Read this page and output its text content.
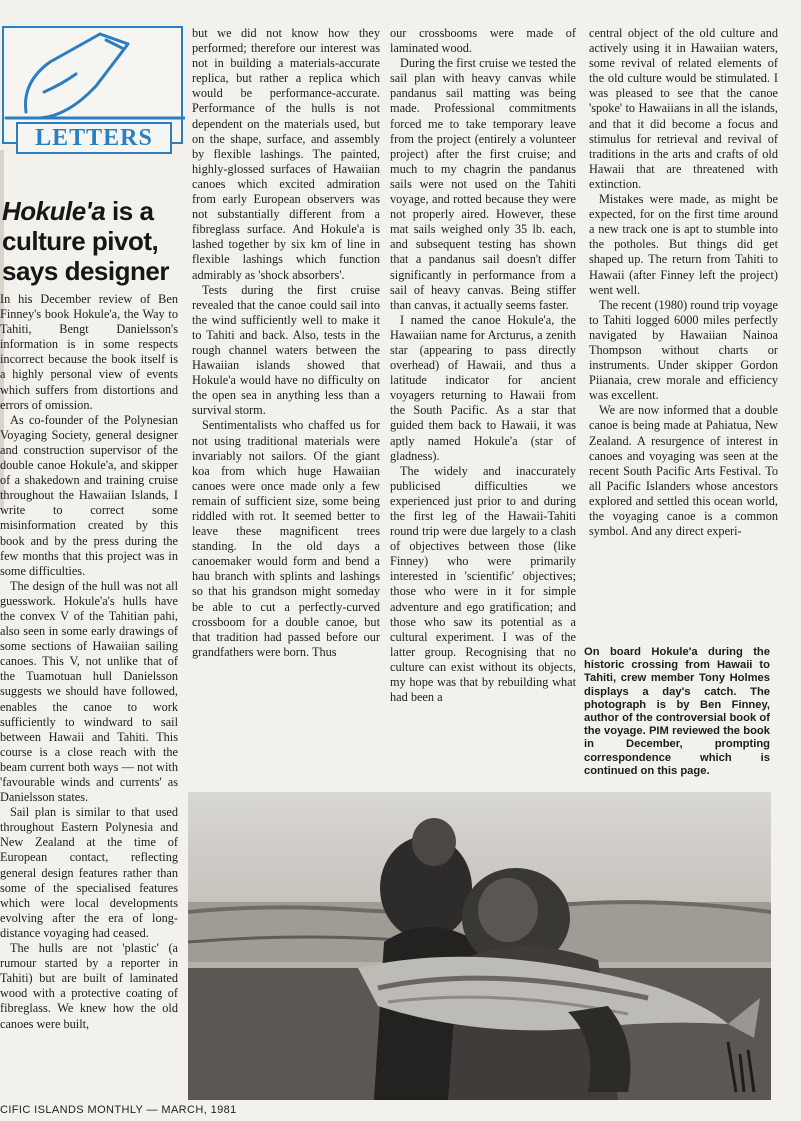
LETTERS
Hokule'a is a culture pivot, says designer

In his December review of Ben Finney's book Hokule'a, the Way to Tahiti, Bengt Danielsson's information is in some respects incorrect because the book itself is a highly personal view of events which suffers from distortions and errors of omission.

As co-founder of the Polynesian Voyaging Society, general designer and construction supervisor of the double canoe Hokule'a, and skipper of a shakedown and training cruise throughout the Hawaiian Islands, I write to correct some misinformation created by this book and by the press during the few months that this project was in some difficulties.

The design of the hull was not all guesswork. Hokule'a's hulls have the convex V of the Tahitian pahi, also seen in some early drawings of some sections of Hawaiian sailing canoes. This V, not unlike that of the Tuamotuan hull Danielsson suggests we should have followed, enables the canoe to work sufficiently to windward to sail between Hawaii and Tahiti. This course is a close reach with the beam current both ways — not with 'favourable winds and currents' as Danielsson states.

Sail plan is similar to that used throughout Eastern Polynesia and New Zealand at the time of European contact, reflecting general design features rather than some of the specialised features which were local developments evolving after the era of long-distance voyaging had ceased.

The hulls are not 'plastic' (a rumour started by a reporter in Tahiti) but are built of laminated wood with a protective coating of fibreglass. We knew how the old canoes were built,

but we did not know how they performed; therefore our interest was not in building a materials-accurate replica, but rather a replica which would be performance-accurate. Performance of the hulls is not dependent on the materials used, but on the shape, surface, and assembly by flexible lashings. The painted, highly-glossed surfaces of Hawaiian canoes which excited admiration from early European observers was not substantially different from a fibreglass surface. And Hokule'a is lashed together by six km of line in flexible lashings which function admirably as 'shock absorbers'.

Tests during the first cruise revealed that the canoe could sail into the wind sufficiently well to make it to Tahiti and back. Also, tests in the rough channel waters between the Hawaiian islands showed that Hokule'a would have no difficulty on the open sea in anything less than a survival storm.

Sentimentalists who chaffed us for not using traditional materials were invariably not sailors. Of the giant koa from which huge Hawaiian canoes were once made only a few remain of sufficient size, some being riddled with rot. It seemed better to leave these magnificent trees standing. In the old days a canoemaker would form and bend a hau branch with splints and lashings so that his grandson might someday be able to cut a perfectly-curved crossboom for a double canoe, but that tradition had passed before our grandfathers were born. Thus

our crossbooms were made of laminated wood.

During the first cruise we tested the sail plan with heavy canvas while pandanus sail matting was being made. Professional commitments forced me to take temporary leave from the project (entirely a volunteer project) after the first cruise; and much to my chagrin the pandanus sails were not used on the Tahiti voyage, and rotted because they were not properly aired. However, these mat sails weighed only 35 lb. each, and subsequent testing has shown that a pandanus sail doesn't differ significantly in performance from a sail of heavy canvas. Being stiffer than canvas, it actually seems faster.

I named the canoe Hokule'a, the Hawaiian name for Arcturus, a zenith star (appearing to pass directly overhead) of Hawaii, and thus a latitude indicator for ancient voyagers returning to Hawaii from the South Pacific. As a star that guided them back to Hawaii, it was aptly named Hokule'a (star of gladness).

The widely and inaccurately publicised difficulties we experienced just prior to and during the first leg of the Hawaii-Tahiti round trip were due largely to a clash of objectives between those (like Finney) who were primarily interested in 'scientific' objectives; those who were in it for simple adventure and ego gratification; and those who saw its potential as a cultural experiment. I was of the latter group. Recognising that no culture can exist without its objects, my hope was that by rebuilding what had been a

central object of the old culture and actively using it in Hawaiian waters, some revival of related elements of the old culture would be stimulated. I was pleased to see that the canoe 'spoke' to Hawaiians in all the islands, and that it did become a focus and stimulus for retrieval and revival of traditions in the arts and crafts of old Hawaii that are threatened with extinction.

Mistakes were made, as might be expected, for on the first time around a new track one is apt to stumble into the potholes. But things did get shaped up. The return from Tahiti to Hawaii (after Finney left the project) went well.

The recent (1980) round trip voyage to Tahiti logged 6000 miles perfectly navigated by Hawaiian Nainoa Thompson without charts or instruments. Under skipper Gordon Piianaia, crew morale and efficiency was excellent.

We are now informed that a double canoe is being made at Pahiatua, New Zealand. A resurgence of interest in canoes and voyaging was seen at the recent South Pacific Arts Festival. To all Pacific Islanders whose ancestors explored and settled this ocean world, the voyaging canoe is a common symbol. And any direct experi-

On board Hokule'a during the historic crossing from Hawaii to Tahiti, crew member Tony Holmes displays a day's catch. The photograph is by Ben Finney, author of the controversial book of the voyage. PIM reviewed the book in December, prompting correspondence which is continued on this page.
CIFIC ISLANDS MONTHLY — MARCH, 1981
